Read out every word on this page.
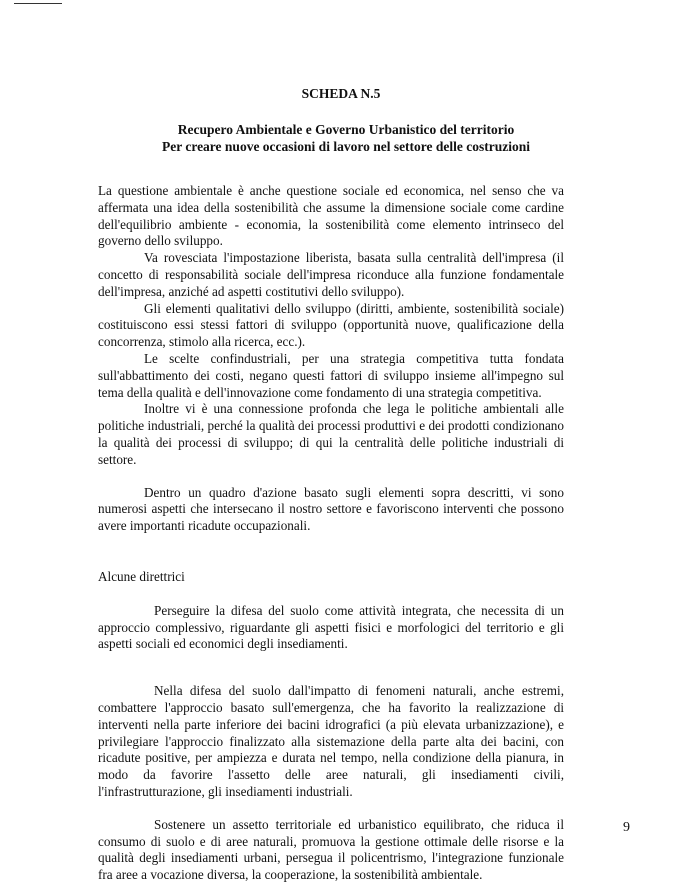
SCHEDA N.5
Recupero Ambientale e Governo Urbanistico del territorio
Per creare nuove occasioni di lavoro nel settore delle costruzioni

La questione ambientale è anche questione sociale ed economica, nel senso che va affermata una idea della sostenibilità che assume la dimensione sociale come cardine dell'equilibrio ambiente - economia, la sostenibilità come elemento intrinseco del governo dello sviluppo.

Va rovesciata l'impostazione liberista, basata sulla centralità dell'impresa (il concetto di responsabilità sociale dell'impresa riconduce alla funzione fondamentale dell'impresa, anziché ad aspetti costitutivi dello sviluppo).

Gli elementi qualitativi dello sviluppo (diritti, ambiente, sostenibilità sociale) costituiscono essi stessi fattori di sviluppo (opportunità nuove, qualificazione della concorrenza, stimolo alla ricerca, ecc.).

Le scelte confindustriali, per una strategia competitiva tutta fondata sull'abbattimento dei costi, negano questi fattori di sviluppo insieme all'impegno sul tema della qualità e dell'innovazione come fondamento di una strategia competitiva.

Inoltre vi è una connessione profonda che lega le politiche ambientali alle politiche industriali, perché la qualità dei processi produttivi e dei prodotti condizionano la qualità dei processi di sviluppo; di qui la centralità delle politiche industriali di settore.

Dentro un quadro d'azione basato sugli elementi sopra descritti, vi sono numerosi aspetti che intersecano il nostro settore e favoriscono interventi che possono avere importanti ricadute occupazionali.

Alcune direttrici

Perseguire la difesa del suolo come attività integrata, che necessita di un approccio complessivo, riguardante gli aspetti fisici e morfologici del territorio e gli aspetti sociali ed economici degli insediamenti.

Nella difesa del suolo dall'impatto di fenomeni naturali, anche estremi, combattere l'approccio basato sull'emergenza, che ha favorito la realizzazione di interventi nella parte inferiore dei bacini idrografici (a più elevata urbanizzazione), e privilegiare l'approccio finalizzato alla sistemazione della parte alta dei bacini, con ricadute positive, per ampiezza e durata nel tempo, nella condizione della pianura, in modo da favorire l'assetto delle aree naturali, gli insediamenti civili, l'infrastrutturazione, gli insediamenti industriali.

Sostenere un assetto territoriale ed urbanistico equilibrato, che riduca il consumo di suolo e di aree naturali, promuova la gestione ottimale delle risorse e la qualità degli insediamenti urbani, persegua il policentrismo, l'integrazione funzionale fra aree a vocazione diversa, la cooperazione, la sostenibilità ambientale.

9
